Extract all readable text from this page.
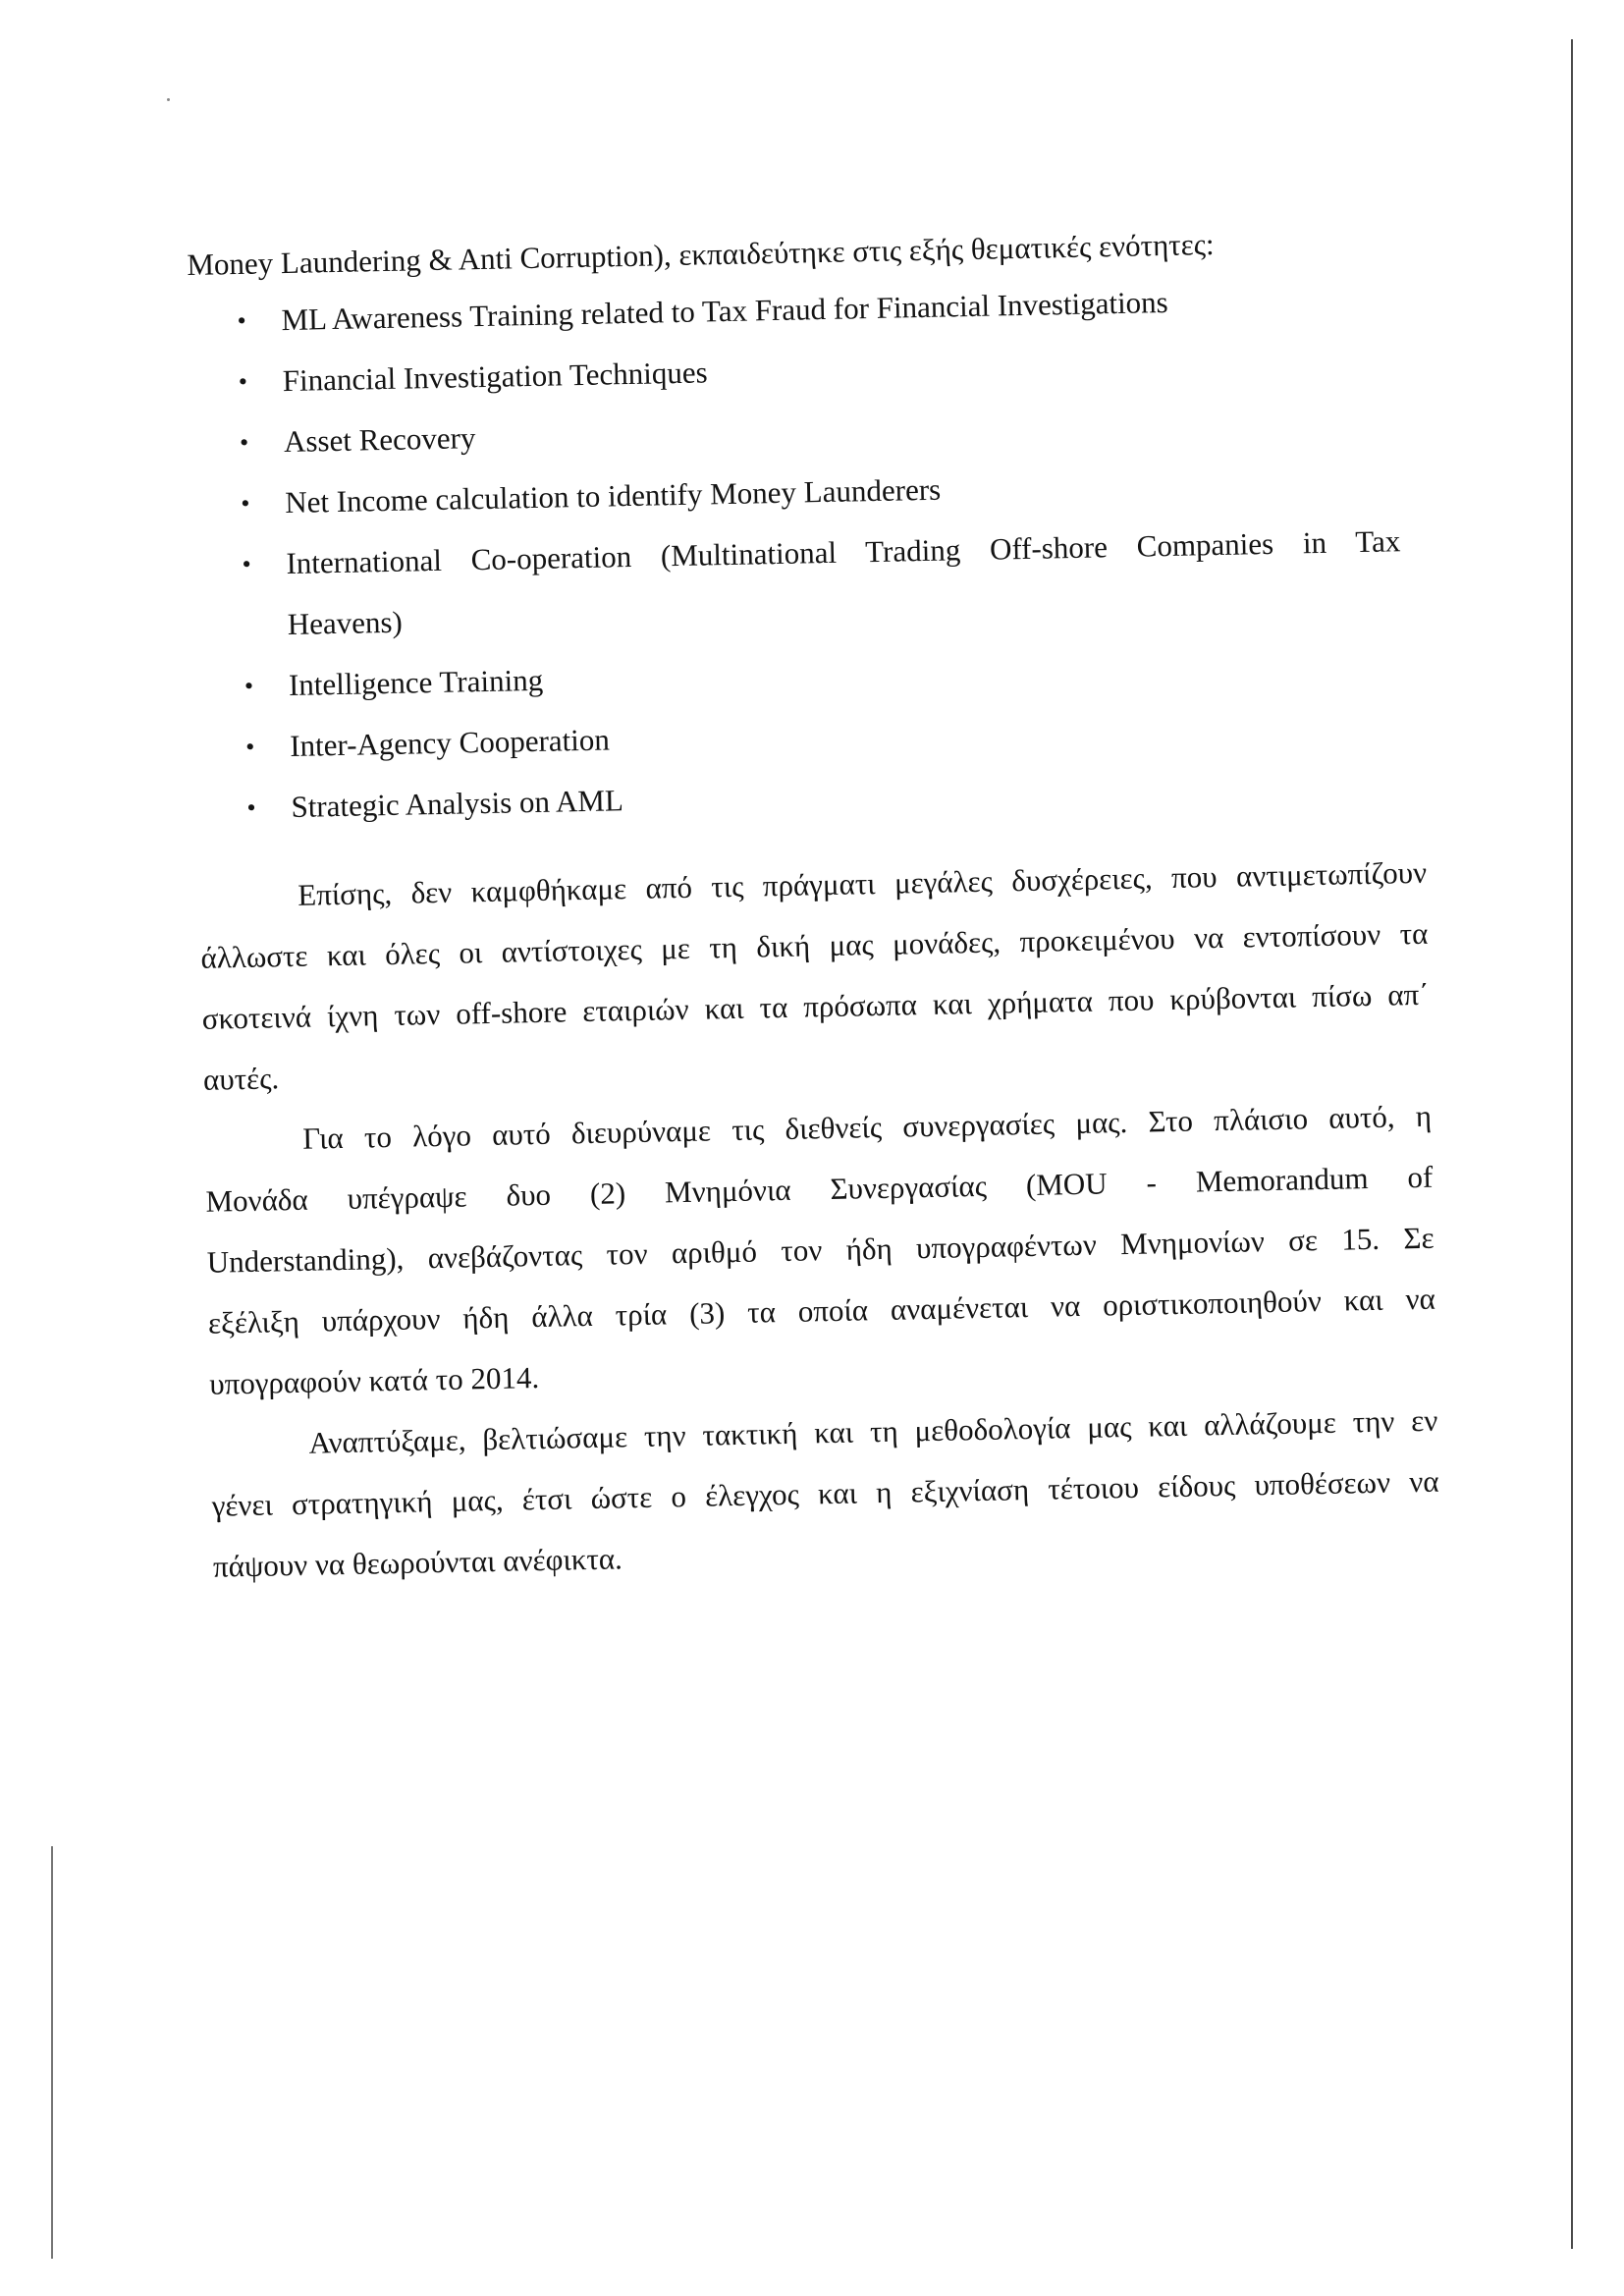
Money Laundering & Anti Corruption), εκπαιδεύτηκε στις εξής θεματικές ενότητες:
• ML Awareness Training related to Tax Fraud for Financial Investigations
• Financial Investigation Techniques
• Asset Recovery
• Net Income calculation to identify Money Launderers
• International Co-operation (Multinational Trading Off-shore Companies in Tax
Heavens)
• Intelligence Training
• Inter-Agency Cooperation
• Strategic Analysis on AML
Επίσης, δεν καμφθήκαμε από τις πράγματι μεγάλες δυσχέρειες, που αντιμετωπίζουν
άλλωστε και όλες οι αντίστοιχες με τη δική μας μονάδες, προκειμένου να εντοπίσουν τα
σκοτεινά ίχνη των off-shore εταιριών και τα πρόσωπα και χρήματα που κρύβονται πίσω απ΄
αυτές.
Για το λόγο αυτό διευρύναμε τις διεθνείς συνεργασίες μας. Στο πλάισιο αυτό, η
Μονάδα υπέγραψε δυο (2) Μνημόνια Συνεργασίας (MOU - Memorandum of
Understanding), ανεβάζοντας τον αριθμό τον ήδη υπογραφέντων Μνημονίων σε 15. Σε
εξέλιξη υπάρχουν ήδη άλλα τρία (3) τα οποία αναμένεται να οριστικοποιηθούν και να
υπογραφούν κατά το 2014.
Αναπτύξαμε, βελτιώσαμε την τακτική και τη μεθοδολογία μας και αλλάζουμε την εν
γένει στρατηγική μας, έτσι ώστε ο έλεγχος και η εξιχνίαση τέτοιου είδους υποθέσεων να
πάψουν να θεωρούνται ανέφικτα.
